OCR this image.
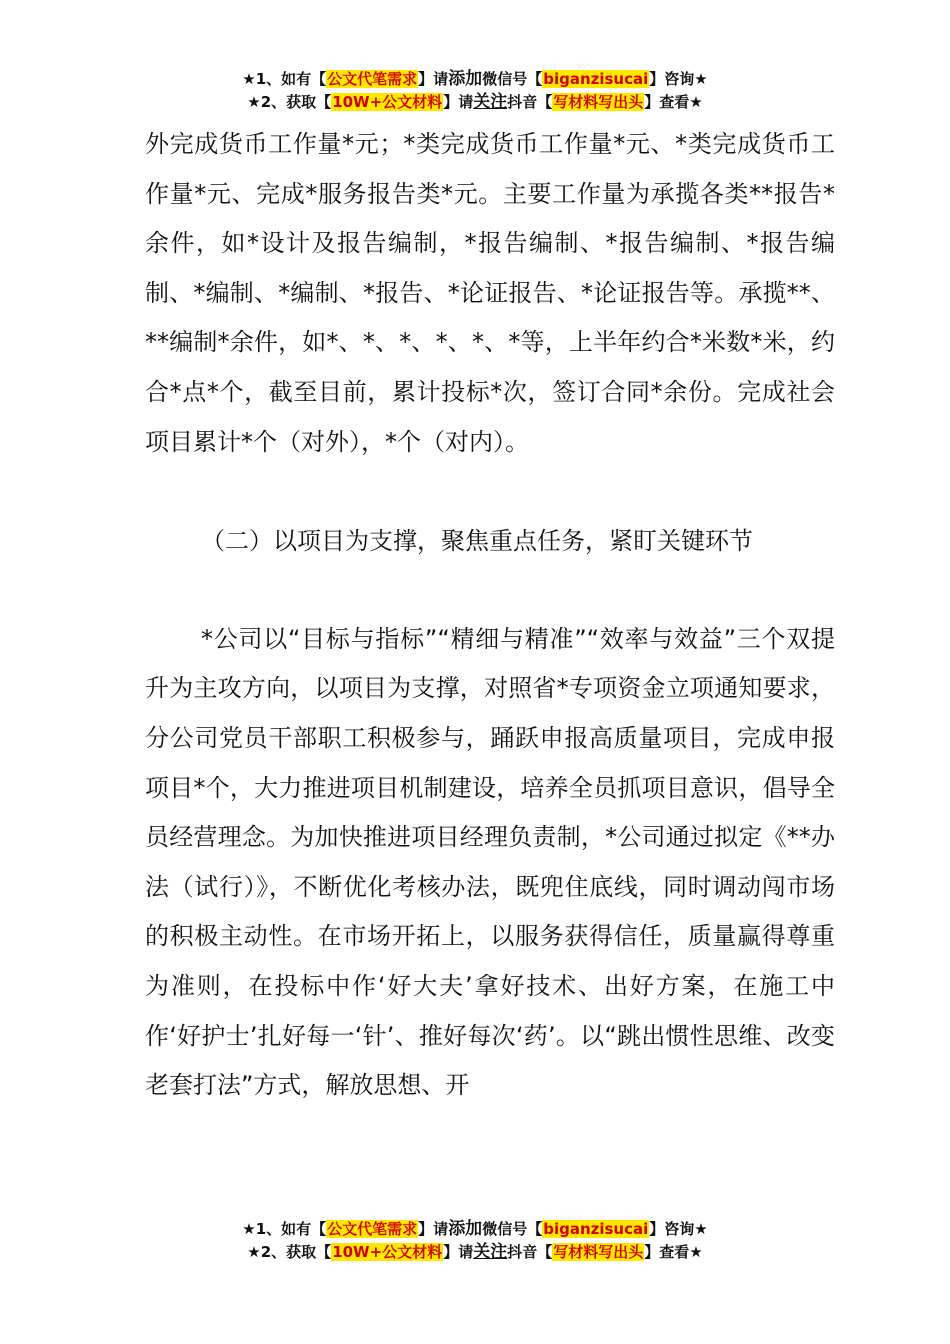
★1、如有【公文代笔需求】请添加微信号【biganzisucai】咨询★
★2、获取【10W+公文材料】请关注抖音【写材料写出头】查看★

外完成货币工作量*元；*类完成货币工作量*元、*类完成货币工作量*元、完成*服务报告类*元。主要工作量为承揽各类**报告*余件，如*设计及报告编制，*报告编制、*报告编制、*报告编制、*编制、*编制、*报告、*论证报告、*论证报告等。承揽**、**编制*余件，如*、*、*、*、*、*等，上半年约合*米数*米，约合*点*个，截至目前，累计投标*次，签订合同*余份。完成社会项目累计*个（对外），*个（对内）。

（二）以项目为支撑，聚焦重点任务，紧盯关键环节

*公司以“目标与指标”“精细与精准”“效率与效益”三个双提升为主攻方向，以项目为支撑，对照省*专项资金立项通知要求，分公司党员干部职工积极参与，踊跃申报高质量项目，完成申报项目*个，大力推进项目机制建设，培养全员抓项目意识，倡导全员经营理念。为加快推进项目经理负责制，*公司通过拟定《**办法（试行）》，不断优化考核办法，既兜住底线，同时调动闯市场的积极主动性。在市场开拓上，以服务获得信任，质量赢得尊重为准则，在投标中作‘好大夫’拿好技术、出好方案，在施工中作‘好护士’扎好每一‘针’、推好每次‘药’。以“跳出惯性思维、改变老套打法”方式，解放思想、开

★1、如有【公文代笔需求】请添加微信号【biganzisucai】咨询★
★2、获取【10W+公文材料】请关注抖音【写材料写出头】查看★
